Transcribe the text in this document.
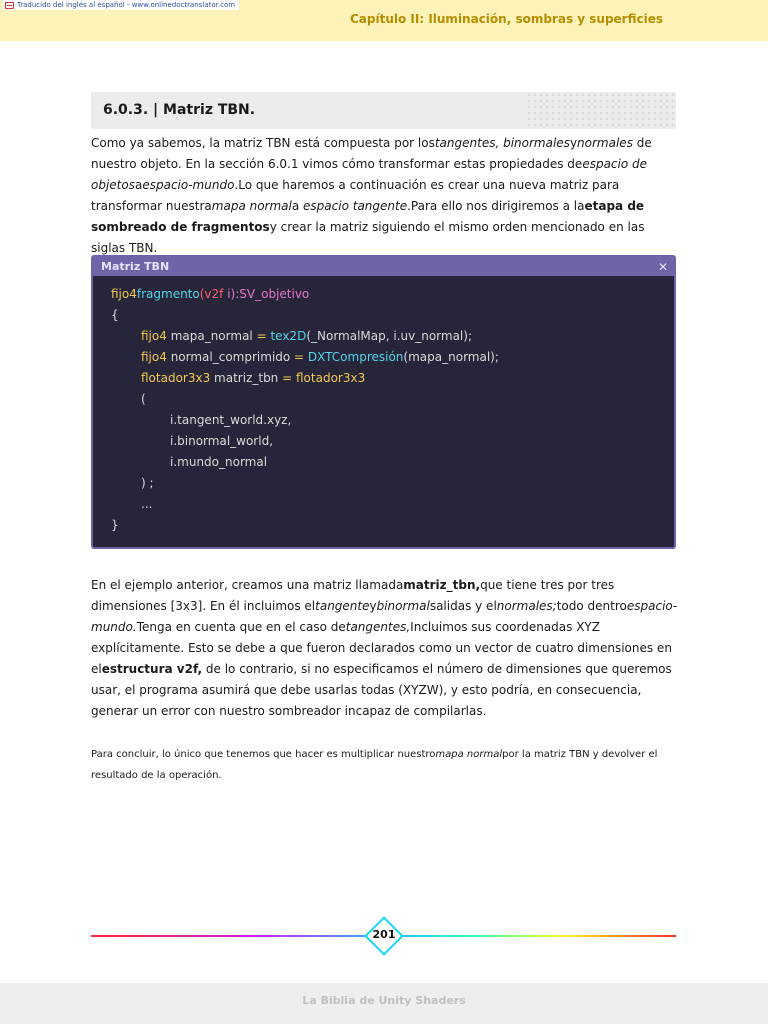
Traducido del inglés al español - www.onlinedoctranslator.com
Capítulo II: Iluminación, sombras y superficies
6.0.3. | Matriz TBN.
Como ya sabemos, la matriz TBN está compuesta por lostangentes, binormalesynormales de nuestro objeto. En la sección 6.0.1 vimos cómo transformar estas propiedades deespacio de objetosaespacio-mundo.Lo que haremos a continuación es crear una nueva matriz para transformar nuestramapa normala espacio tangente.Para ello nos dirigiremos a laetapa de sombreado de fragmentosy crear la matriz siguiendo el mismo orden mencionado en las siglas TBN.
Matriz TBN	✕
fijo4fragmento(v2f i):SV_objetivo
{
fijo4 mapa_normal = tex2D(_NormalMap, i.uv_normal);
fijo4 normal_comprimido = DXTCompresión(mapa_normal);
flotador3x3 matriz_tbn = flotador3x3
(
i.tangent_world.xyz,
i.binormal_world,
i.mundo_normal
) ;
...
}
En el ejemplo anterior, creamos una matriz llamadamatriz_tbn,que tiene tres por tres dimensiones [3x3]. En él incluimos eltangenteybinormalsalidas y elnormales;todo dentroespacio-mundo.Tenga en cuenta que en el caso detangentes,Incluimos sus coordenadas XYZ explícitamente. Esto se debe a que fueron declarados como un vector de cuatro dimensiones en elestructura v2f, de lo contrario, si no especificamos el número de dimensiones que queremos usar, el programa asumirá que debe usarlas todas (XYZW), y esto podría, en consecuencia, generar un error con nuestro sombreador incapaz de compilarlas.
Para concluir, lo único que tenemos que hacer es multiplicar nuestromapa normalpor la matriz TBN y devolver el resultado de la operación.
201
La Biblia de Unity Shaders
